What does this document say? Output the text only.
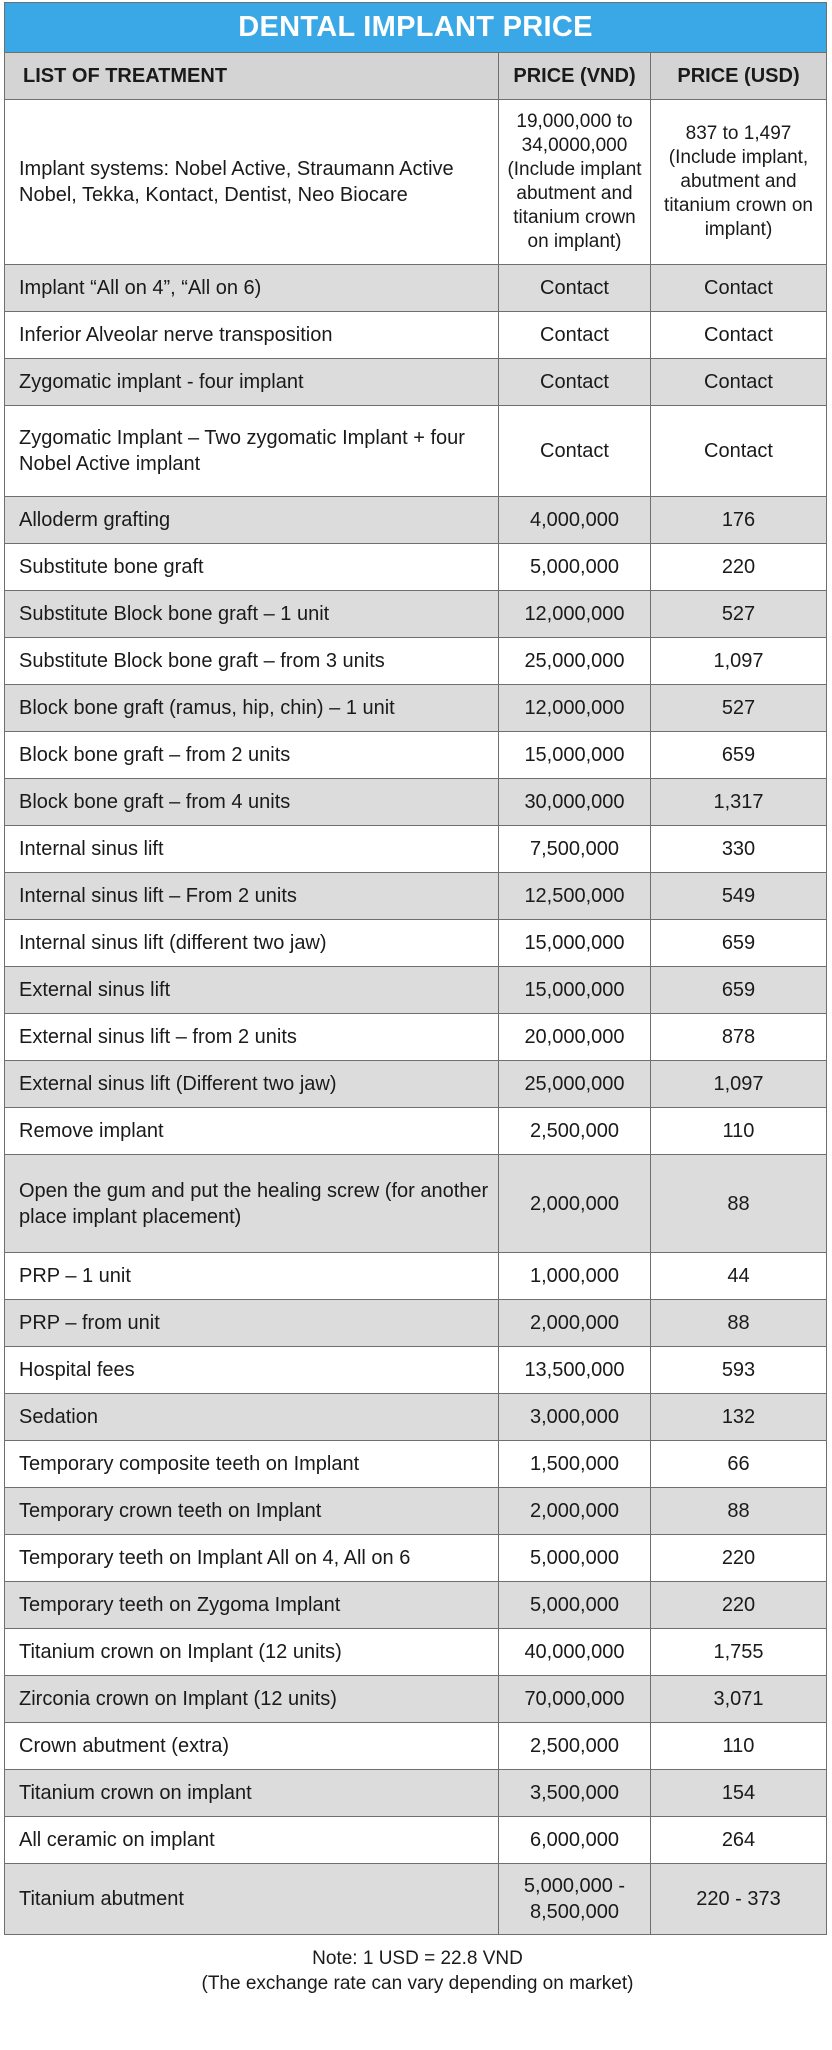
DENTAL IMPLANT PRICE		
LIST OF TREATMENT	PRICE (VND)	PRICE (USD)
Implant systems: Nobel Active, Straumann Active Nobel, Tekka, Kontact, Dentist, Neo Biocare	19,000,000 to 34,0000,000 (Include implant abutment and titanium crown on implant)	837 to 1,497 (Include implant, abutment and titanium crown on implant)
Implant “All on 4”, “All on 6)	Contact	Contact
Inferior Alveolar nerve transposition	Contact	Contact
Zygomatic implant - four implant	Contact	Contact
Zygomatic Implant – Two zygomatic Implant + four Nobel Active implant	Contact	Contact
Alloderm grafting	4,000,000	176
Substitute bone graft	5,000,000	220
Substitute Block bone graft – 1 unit	12,000,000	527
Substitute Block bone graft – from 3 units	25,000,000	1,097
Block bone graft (ramus, hip, chin) – 1 unit	12,000,000	527
Block bone graft – from 2 units	15,000,000	659
Block bone graft – from 4 units	30,000,000	1,317
Internal sinus lift	7,500,000	330
Internal sinus lift – From 2 units	12,500,000	549
Internal sinus lift (different two jaw)	15,000,000	659
External sinus lift	15,000,000	659
External sinus lift – from 2 units	20,000,000	878
External sinus lift (Different two jaw)	25,000,000	1,097
Remove implant	2,500,000	110
Open the gum and put the healing screw (for another place implant placement)	2,000,000	88
PRP – 1 unit	1,000,000	44
PRP – from unit	2,000,000	88
Hospital fees	13,500,000	593
Sedation	3,000,000	132
Temporary composite teeth on Implant	1,500,000	66
Temporary crown teeth on Implant	2,000,000	88
Temporary teeth on Implant All on 4, All on 6	5,000,000	220
Temporary teeth on Zygoma Implant	5,000,000	220
Titanium crown on Implant (12 units)	40,000,000	1,755
Zirconia crown on Implant (12 units)	70,000,000	3,071
Crown abutment (extra)	2,500,000	110
Titanium crown on implant	3,500,000	154
All ceramic on implant	6,000,000	264
Titanium abutment	5,000,000 - 8,500,000	220 - 373
Note: 1 USD = 22.8 VND
(The exchange rate can vary depending on market)
